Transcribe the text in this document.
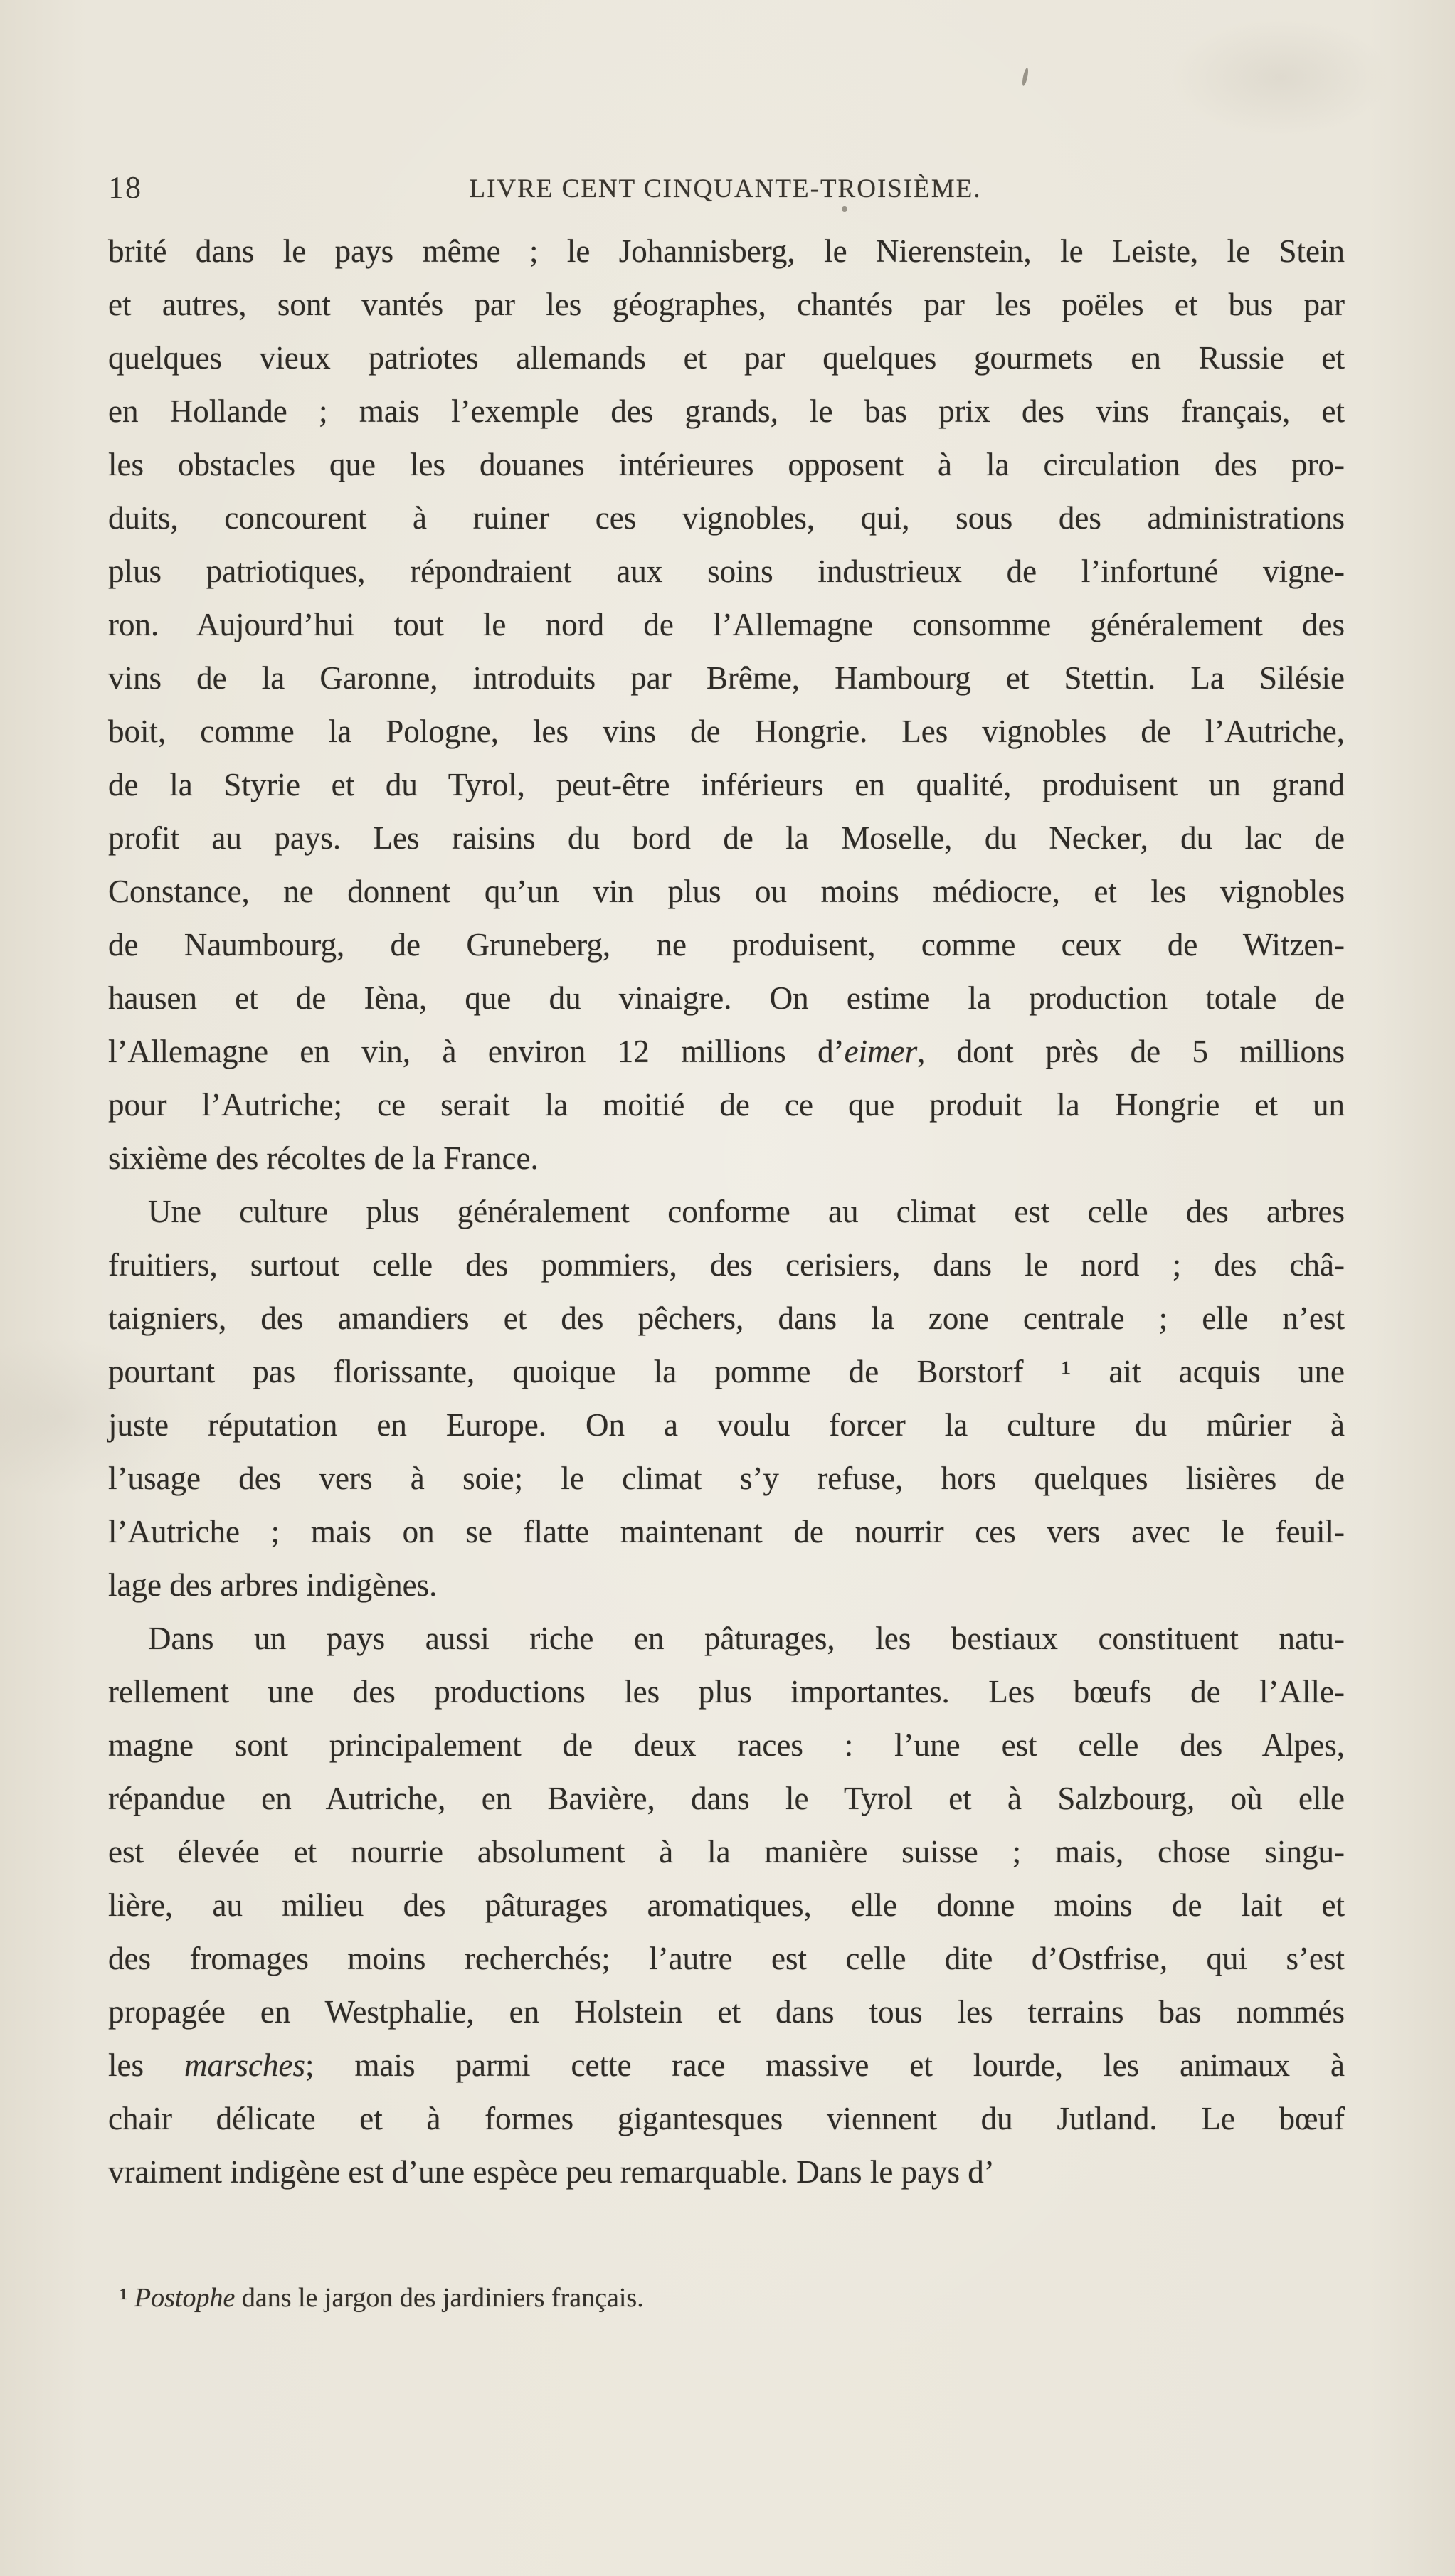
18	LIVRE CENT CINQUANTE-TROISIÈME.
brité dans le pays même ; le Johannisberg, le Nierenstein, le Leiste, le Stein
et autres, sont vantés par les géographes, chantés par les poëles et bus par
quelques vieux patriotes allemands et par quelques gourmets en Russie et
en Hollande ; mais l’exemple des grands, le bas prix des vins français, et
les obstacles que les douanes intérieures opposent à la circulation des pro-
duits, concourent à ruiner ces vignobles, qui, sous des administrations
plus patriotiques, répondraient aux soins industrieux de l’infortuné vigne-
ron. Aujourd’hui tout le nord de l’Allemagne consomme généralement des
vins de la Garonne, introduits par Brême, Hambourg et Stettin. La Silésie
boit, comme la Pologne, les vins de Hongrie. Les vignobles de l’Autriche,
de la Styrie et du Tyrol, peut-être inférieurs en qualité, produisent un grand
profit au pays. Les raisins du bord de la Moselle, du Necker, du lac de
Constance, ne donnent qu’un vin plus ou moins médiocre, et les vignobles
de Naumbourg, de Gruneberg, ne produisent, comme ceux de Witzen-
hausen et de Ièna, que du vinaigre. On estime la production totale de
l’Allemagne en vin, à environ 12 millions d’eimer, dont près de 5 millions
pour l’Autriche; ce serait la moitié de ce que produit la Hongrie et un
sixième des récoltes de la France.
Une culture plus généralement conforme au climat est celle des arbres
fruitiers, surtout celle des pommiers, des cerisiers, dans le nord ; des châ-
taigniers, des amandiers et des pêchers, dans la zone centrale ; elle n’est
pourtant pas florissante, quoique la pomme de Borstorf ¹ ait acquis une
juste réputation en Europe. On a voulu forcer la culture du mûrier à
l’usage des vers à soie; le climat s’y refuse, hors quelques lisières de
l’Autriche ; mais on se flatte maintenant de nourrir ces vers avec le feuil-
lage des arbres indigènes.
Dans un pays aussi riche en pâturages, les bestiaux constituent natu-
rellement une des productions les plus importantes. Les bœufs de l’Alle-
magne sont principalement de deux races : l’une est celle des Alpes,
répandue en Autriche, en Bavière, dans le Tyrol et à Salzbourg, où elle
est élevée et nourrie absolument à la manière suisse ; mais, chose singu-
lière, au milieu des pâturages aromatiques, elle donne moins de lait et
des fromages moins recherchés; l’autre est celle dite d’Ostfrise, qui s’est
propagée en Westphalie, en Holstein et dans tous les terrains bas nommés
les marsches; mais parmi cette race massive et lourde, les animaux à
chair délicate et à formes gigantesques viennent du Jutland. Le bœuf
vraiment indigène est d’une espèce peu remarquable. Dans le pays d’
¹ Postophe dans le jargon des jardiniers français.
